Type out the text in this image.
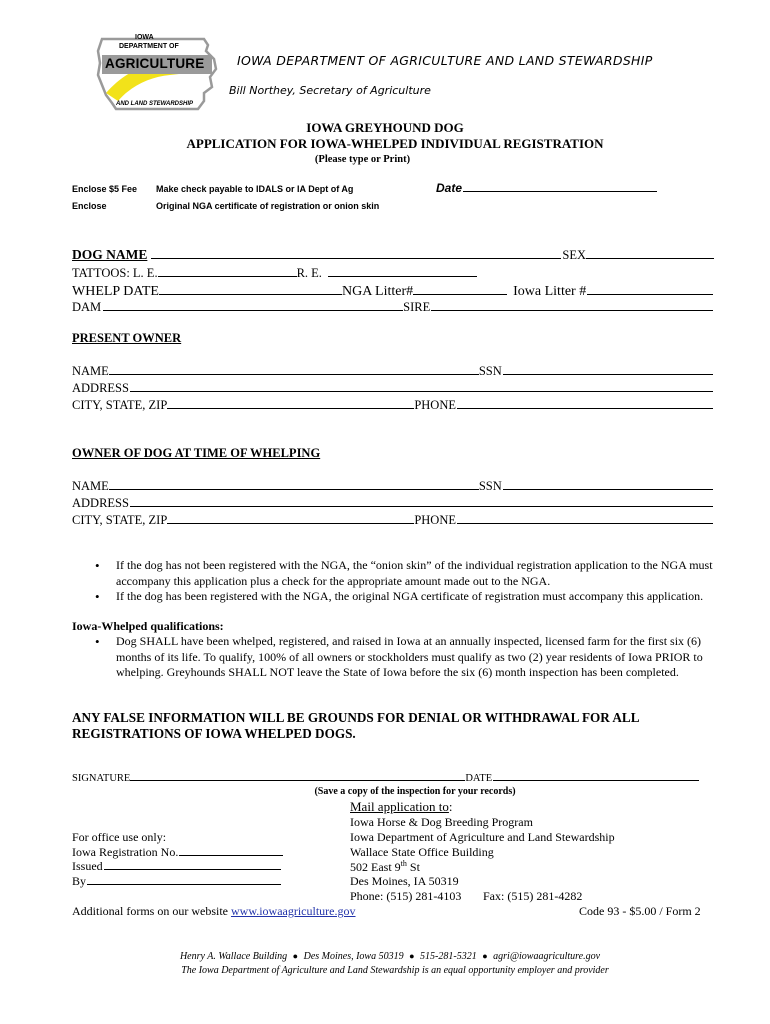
IOWA
DEPARTMENT OF
AGRICULTURE
AND LAND STEWARDSHIP
IOWA DEPARTMENT OF AGRICULTURE AND LAND STEWARDSHIP
Bill Northey, Secretary of Agriculture
IOWA GREYHOUND DOG
APPLICATION FOR IOWA-WHELPED INDIVIDUAL REGISTRATION
(Please type or Print)
Enclose $5 Fee Make check payable to IDALS or IA Dept of Ag
Enclose	Original NGA certificate of registration or onion skin
Date
DOG NAME	SEX
TATTOOS: L. E.	R. E.
WHELP DATE	NGA Litter#	Iowa Litter #
DAM	SIRE
PRESENT OWNER
NAME	SSN
ADDRESS
CITY, STATE, ZIP	PHONE
OWNER OF DOG AT TIME OF WHELPING
NAME	SSN
ADDRESS
CITY, STATE, ZIP	PHONE
• If the dog has not been registered with the NGA, the “onion skin” of the individual registration application to the NGA must accompany this application plus a check for the appropriate amount made out to the NGA.
• If the dog has been registered with the NGA, the original NGA certificate of registration must accompany this application.
Iowa-Whelped qualifications:
• Dog SHALL have been whelped, registered, and raised in Iowa at an annually inspected, licensed farm for the first six (6) months of its life. To qualify, 100% of all owners or stockholders must qualify as two (2) year residents of Iowa PRIOR to whelping. Greyhounds SHALL NOT leave the State of Iowa before the six (6) month inspection has been completed.
ANY FALSE INFORMATION WILL BE GROUNDS FOR DENIAL OR WITHDRAWAL FOR ALL REGISTRATIONS OF IOWA WHELPED DOGS.
SIGNATURE	DATE
(Save a copy of the inspection for your records)
Mail application to:
Iowa Horse & Dog Breeding Program
Iowa Department of Agriculture and Land Stewardship
Wallace State Office Building
502 East 9th St
Des Moines, IA 50319
Phone: (515) 281-4103 Fax: (515) 281-4282
For office use only:
Iowa Registration No.
Issued
By
Additional forms on our website www.iowaagriculture.gov	Code 93 - $5.00 / Form 2
Henry A. Wallace Building ● Des Moines, Iowa 50319 ● 515-281-5321 ● agri@iowaagriculture.gov
The Iowa Department of Agriculture and Land Stewardship is an equal opportunity employer and provider
